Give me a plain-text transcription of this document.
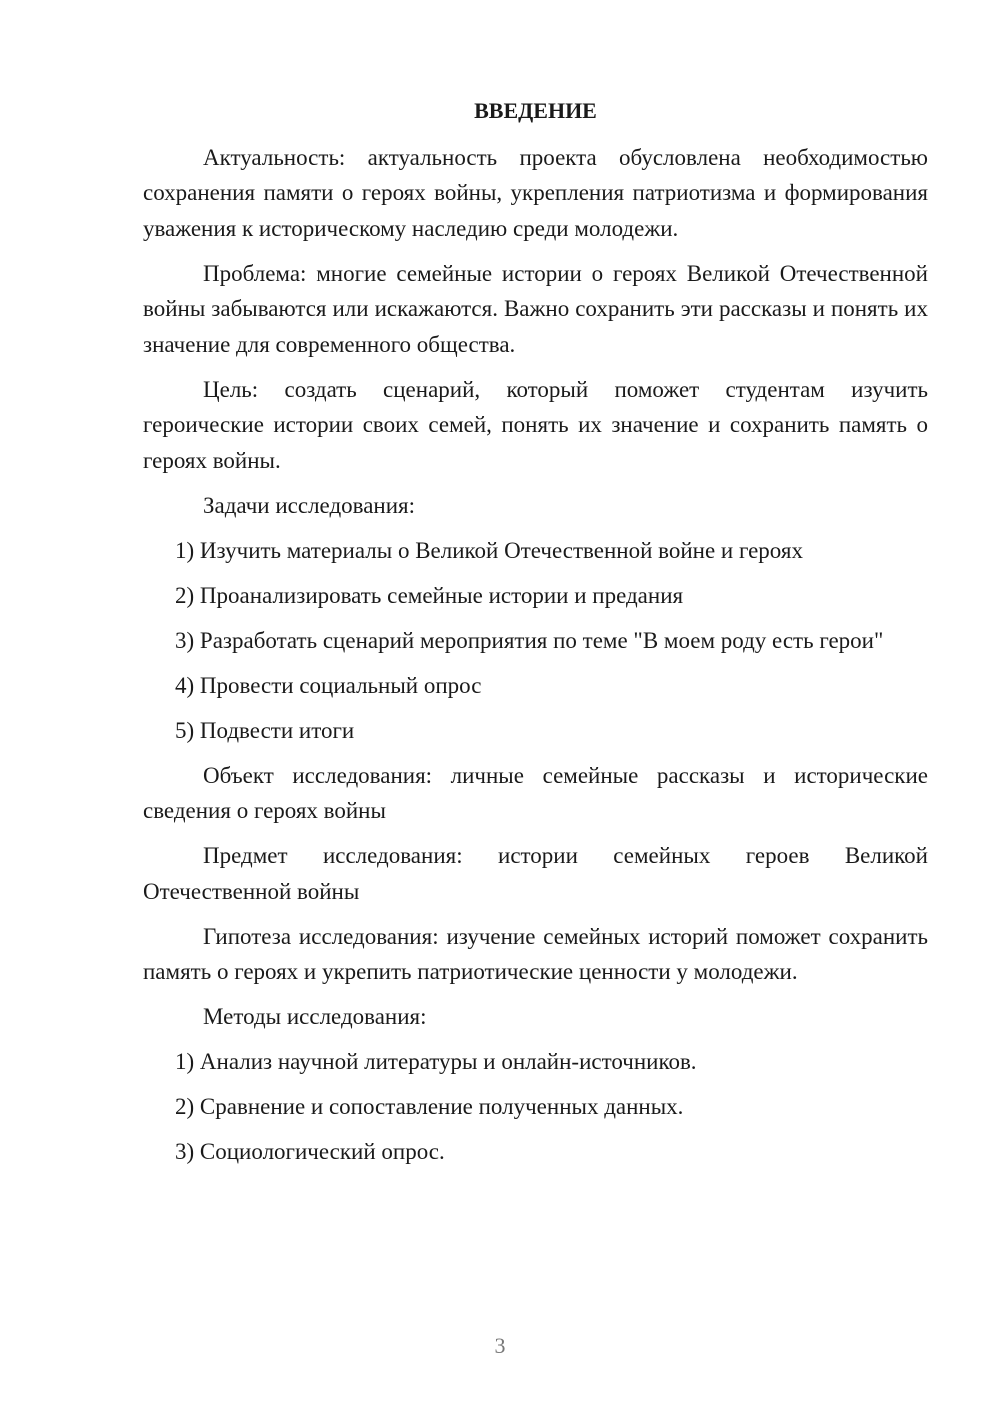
ВВЕДЕНИЕ

Актуальность: актуальность проекта обусловлена необходимостью сохранения памяти о героях войны, укрепления патриотизма и формирования уважения к историческому наследию среди молодежи.

Проблема: многие семейные истории о героях Великой Отечественной войны забываются или искажаются. Важно сохранить эти рассказы и понять их значение для современного общества.

Цель: создать сценарий, который поможет студентам изучить героические истории своих семей, понять их значение и сохранить память о героях войны.

Задачи исследования:

1) Изучить материалы о Великой Отечественной войне и героях

2) Проанализировать семейные истории и предания

3) Разработать сценарий мероприятия по теме "В моем роду есть герои"

4) Провести социальный опрос

5) Подвести итоги

Объект исследования: личные семейные рассказы и исторические сведения о героях войны

Предмет исследования: истории семейных героев Великой Отечественной войны

Гипотеза исследования: изучение семейных историй поможет сохранить память о героях и укрепить патриотические ценности у молодежи.

Методы исследования:

1) Анализ научной литературы и онлайн-источников.

2) Сравнение и сопоставление полученных данных.

3) Социологический опрос.

3
